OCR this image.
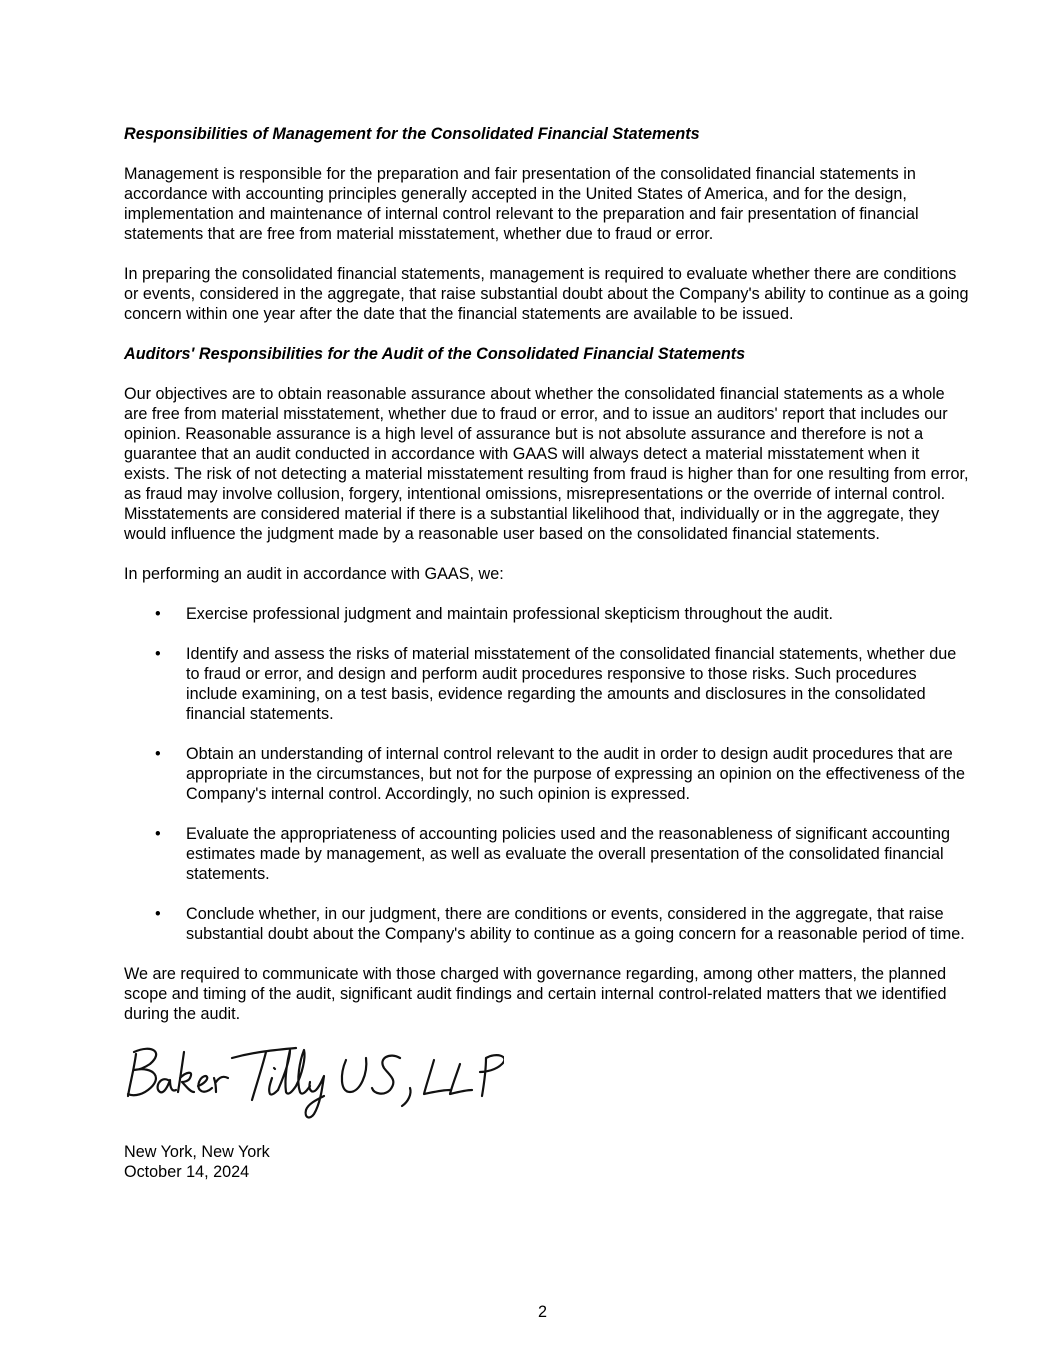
Responsibilities of Management for the Consolidated Financial Statements

Management is responsible for the preparation and fair presentation of the consolidated financial statements in accordance with accounting principles generally accepted in the United States of America, and for the design, implementation and maintenance of internal control relevant to the preparation and fair presentation of financial statements that are free from material misstatement, whether due to fraud or error.

In preparing the consolidated financial statements, management is required to evaluate whether there are conditions or events, considered in the aggregate, that raise substantial doubt about the Company's ability to continue as a going concern within one year after the date that the financial statements are available to be issued.

Auditors' Responsibilities for the Audit of the Consolidated Financial Statements

Our objectives are to obtain reasonable assurance about whether the consolidated financial statements as a whole are free from material misstatement, whether due to fraud or error, and to issue an auditors' report that includes our opinion. Reasonable assurance is a high level of assurance but is not absolute assurance and therefore is not a guarantee that an audit conducted in accordance with GAAS will always detect a material misstatement when it exists. The risk of not detecting a material misstatement resulting from fraud is higher than for one resulting from error, as fraud may involve collusion, forgery, intentional omissions, misrepresentations or the override of internal control. Misstatements are considered material if there is a substantial likelihood that, individually or in the aggregate, they would influence the judgment made by a reasonable user based on the consolidated financial statements.

In performing an audit in accordance with GAAS, we:

• Exercise professional judgment and maintain professional skepticism throughout the audit.
• Identify and assess the risks of material misstatement of the consolidated financial statements, whether due to fraud or error, and design and perform audit procedures responsive to those risks. Such procedures include examining, on a test basis, evidence regarding the amounts and disclosures in the consolidated financial statements.
• Obtain an understanding of internal control relevant to the audit in order to design audit procedures that are appropriate in the circumstances, but not for the purpose of expressing an opinion on the effectiveness of the Company's internal control. Accordingly, no such opinion is expressed.
• Evaluate the appropriateness of accounting policies used and the reasonableness of significant accounting estimates made by management, as well as evaluate the overall presentation of the consolidated financial statements.
• Conclude whether, in our judgment, there are conditions or events, considered in the aggregate, that raise substantial doubt about the Company's ability to continue as a going concern for a reasonable period of time.

We are required to communicate with those charged with governance regarding, among other matters, the planned scope and timing of the audit, significant audit findings and certain internal control-related matters that we identified during the audit.

New York, New York

October 14, 2024

2
